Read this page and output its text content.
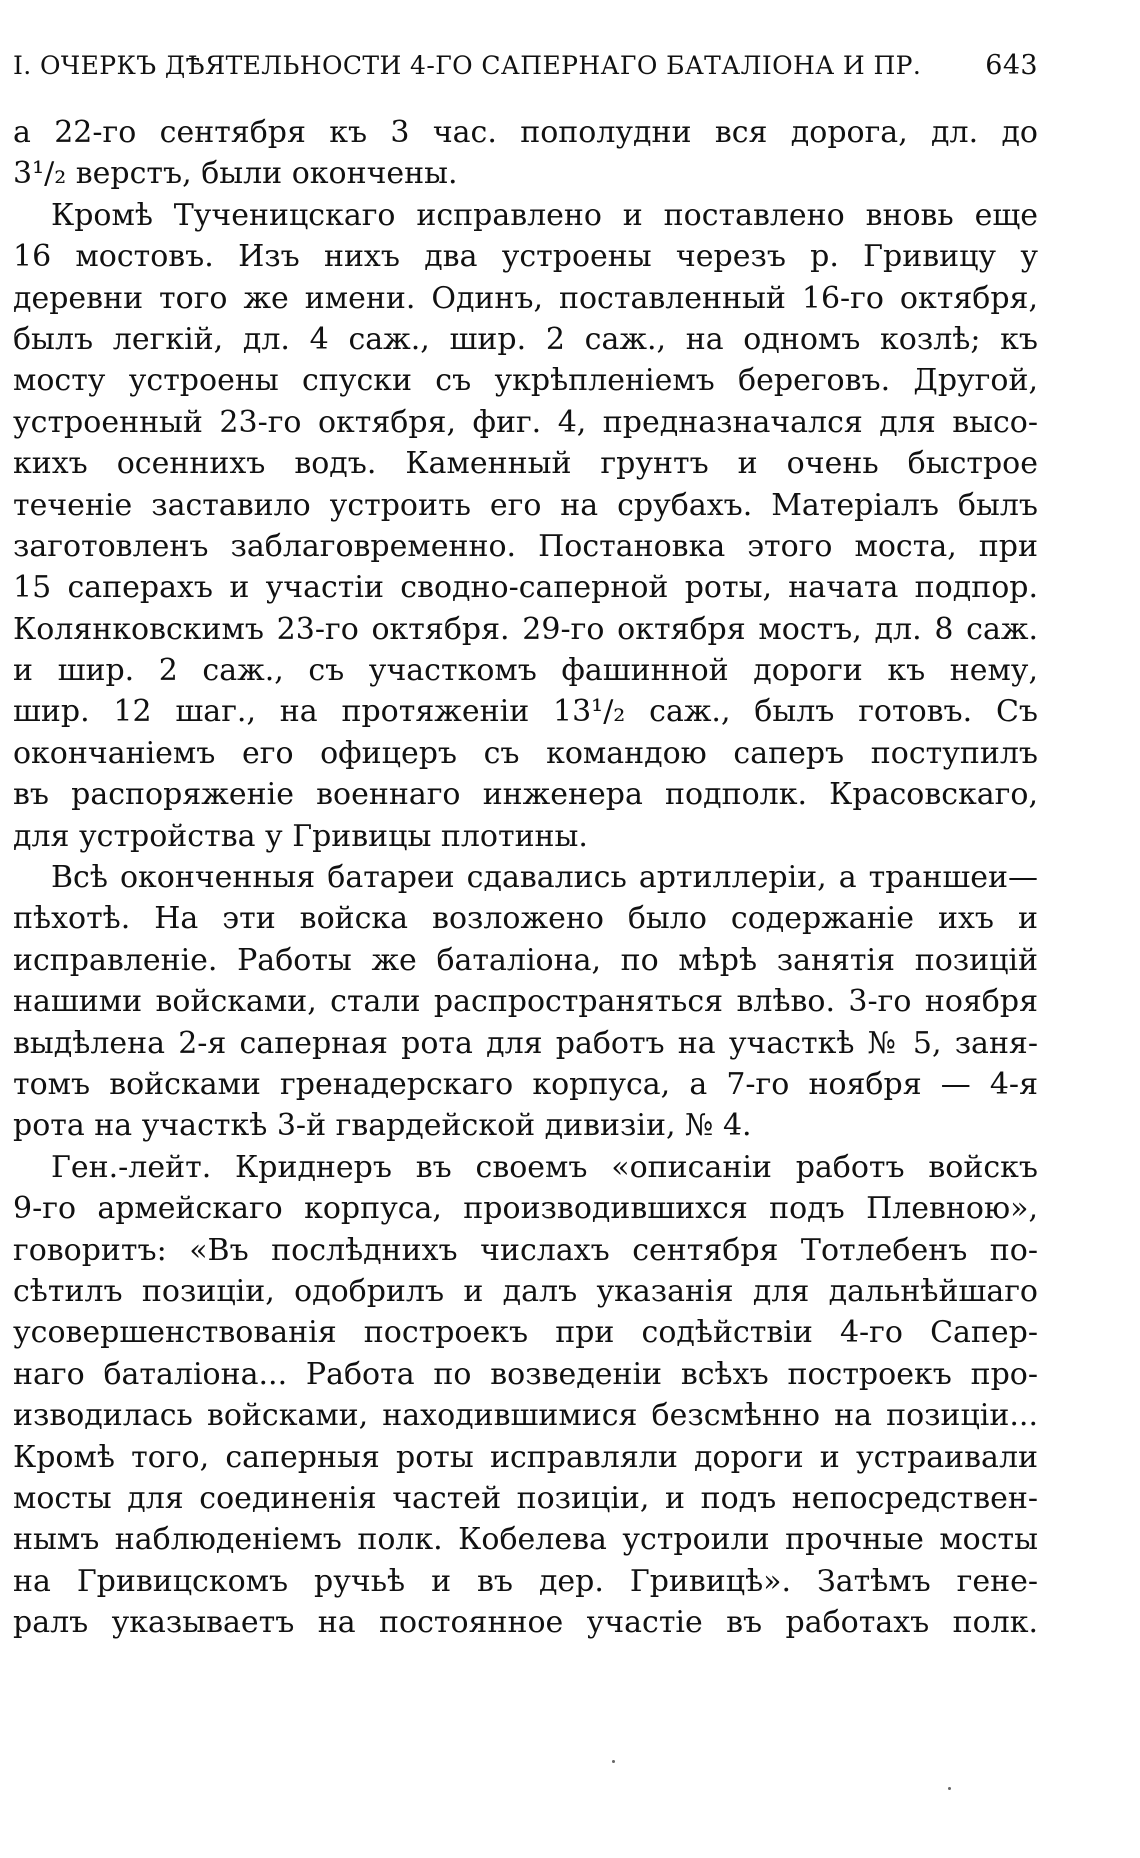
I. ОЧЕРКЪ ДѢЯТЕЛЬНОСТИ 4-ГО САПЕРНАГО БАТАЛІОНА И ПР. 643
а 22-го сентября къ 3 час. пополудни вся дорога, дл. до
3¹/₂ верстъ, были окончены.
Кромѣ Тученицскаго исправлено и поставлено вновь еще
16 мостовъ. Изъ нихъ два устроены черезъ р. Гривицу у
деревни того же имени. Одинъ, поставленный 16-го октября,
былъ легкій, дл. 4 саж., шир. 2 саж., на одномъ козлѣ; къ
мосту устроены спуски съ укрѣпленіемъ береговъ. Другой,
устроенный 23-го октября, фиг. 4, предназначался для высо-
кихъ осеннихъ водъ. Каменный грунтъ и очень быстрое
теченіе заставило устроить его на срубахъ. Матеріалъ былъ
заготовленъ заблаговременно. Постановка этого моста, при
15 саперахъ и участіи сводно-саперной роты, начата подпор.
Колянковскимъ 23-го октября. 29-го октября мостъ, дл. 8 саж.
и шир. 2 саж., съ участкомъ фашинной дороги къ нему,
шир. 12 шаг., на протяженіи 13¹/₂ саж., былъ готовъ. Съ
окончаніемъ его офицеръ съ командою саперъ поступилъ
въ распоряженіе военнаго инженера подполк. Красовскаго,
для устройства у Гривицы плотины.
Всѣ оконченныя батареи сдавались артиллеріи, а траншеи—
пѣхотѣ. На эти войска возложено было содержаніе ихъ и
исправленіе. Работы же баталіона, по мѣрѣ занятія позицій
нашими войсками, стали распространяться влѣво. 3-го ноября
выдѣлена 2-я саперная рота для работъ на участкѣ № 5, заня-
томъ войсками гренадерскаго корпуса, а 7-го ноября — 4-я
рота на участкѣ 3-й гвардейской дивизіи, № 4.
Ген.-лейт. Криднеръ въ своемъ «описаніи работъ войскъ
9-го армейскаго корпуса, производившихся подъ Плевною»,
говоритъ: «Въ послѣднихъ числахъ сентября Тотлебенъ по-
сѣтилъ позиціи, одобрилъ и далъ указанія для дальнѣйшаго
усовершенствованія построекъ при содѣйствіи 4-го Сапер-
наго баталіона... Работа по возведеніи всѣхъ построекъ про-
изводилась войсками, находившимися безсмѣнно на позиціи...
Кромѣ того, саперныя роты исправляли дороги и устраивали
мосты для соединенія частей позиціи, и подъ непосредствен-
нымъ наблюденіемъ полк. Кобелева устроили прочные мосты
на Гривицскомъ ручьѣ и въ дер. Гривицѣ». Затѣмъ гене-
ралъ указываетъ на постоянное участіе въ работахъ полк.
